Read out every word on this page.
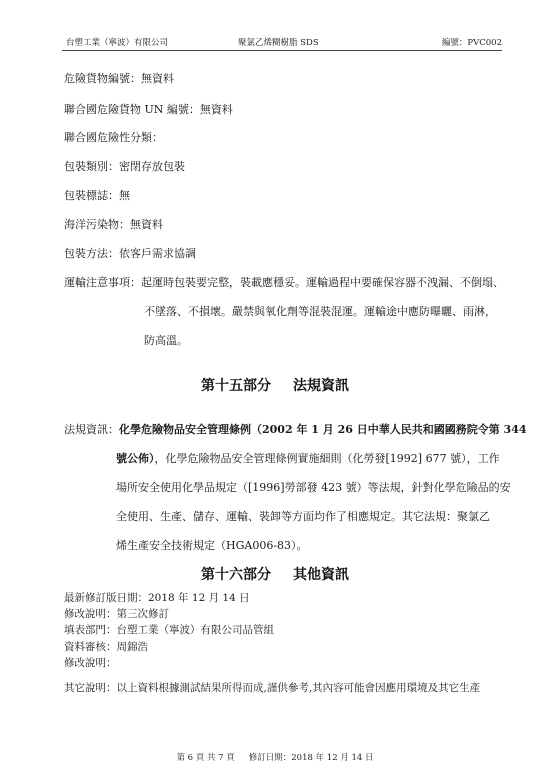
台塑工業（寧波）有限公司	聚氯乙烯糊樹脂 SDS	編號：PVC002
危險貨物編號：無資料
聯合國危險貨物 UN 編號：無資料
聯合國危險性分類：
包裝類別：密閉存放包裝
包裝標誌：無
海洋污染物：無資料
包裝方法：依客戶需求協調
運輸注意事項：起運時包裝要完整，裝載應穩妥。運輸過程中要確保容器不洩漏、不倒塌、
不墜落、不損壞。嚴禁與氧化劑等混裝混運。運輸途中應防曝曬、雨淋，
防高溫。
第十五部分 法規資訊
法規資訊：化學危險物品安全管理條例（2002 年 1 月 26 日中華人民共和國國務院令第 344
號公佈），化學危險物品安全管理條例實施細則（化勞發[1992] 677 號），工作
場所安全使用化學品規定（[1996]勞部發 423 號）等法規，針對化學危險品的安
全使用、生產、儲存、運輸、裝卸等方面均作了相應規定。其它法規：聚氯乙
烯生產安全技術規定（HGA006-83）。
第十六部分 其他資訊
最新修訂版日期：2018 年 12 月 14 日
修改說明：第三次修訂
填表部門：台塑工業（寧波）有限公司品管組
資料審核：周錦浩
修改說明：
其它說明：以上資料根據測試結果所得而成,謹供參考,其內容可能會因應用環境及其它生產
第 6 頁 共 7 頁 修訂日期：2018 年 12 月 14 日
